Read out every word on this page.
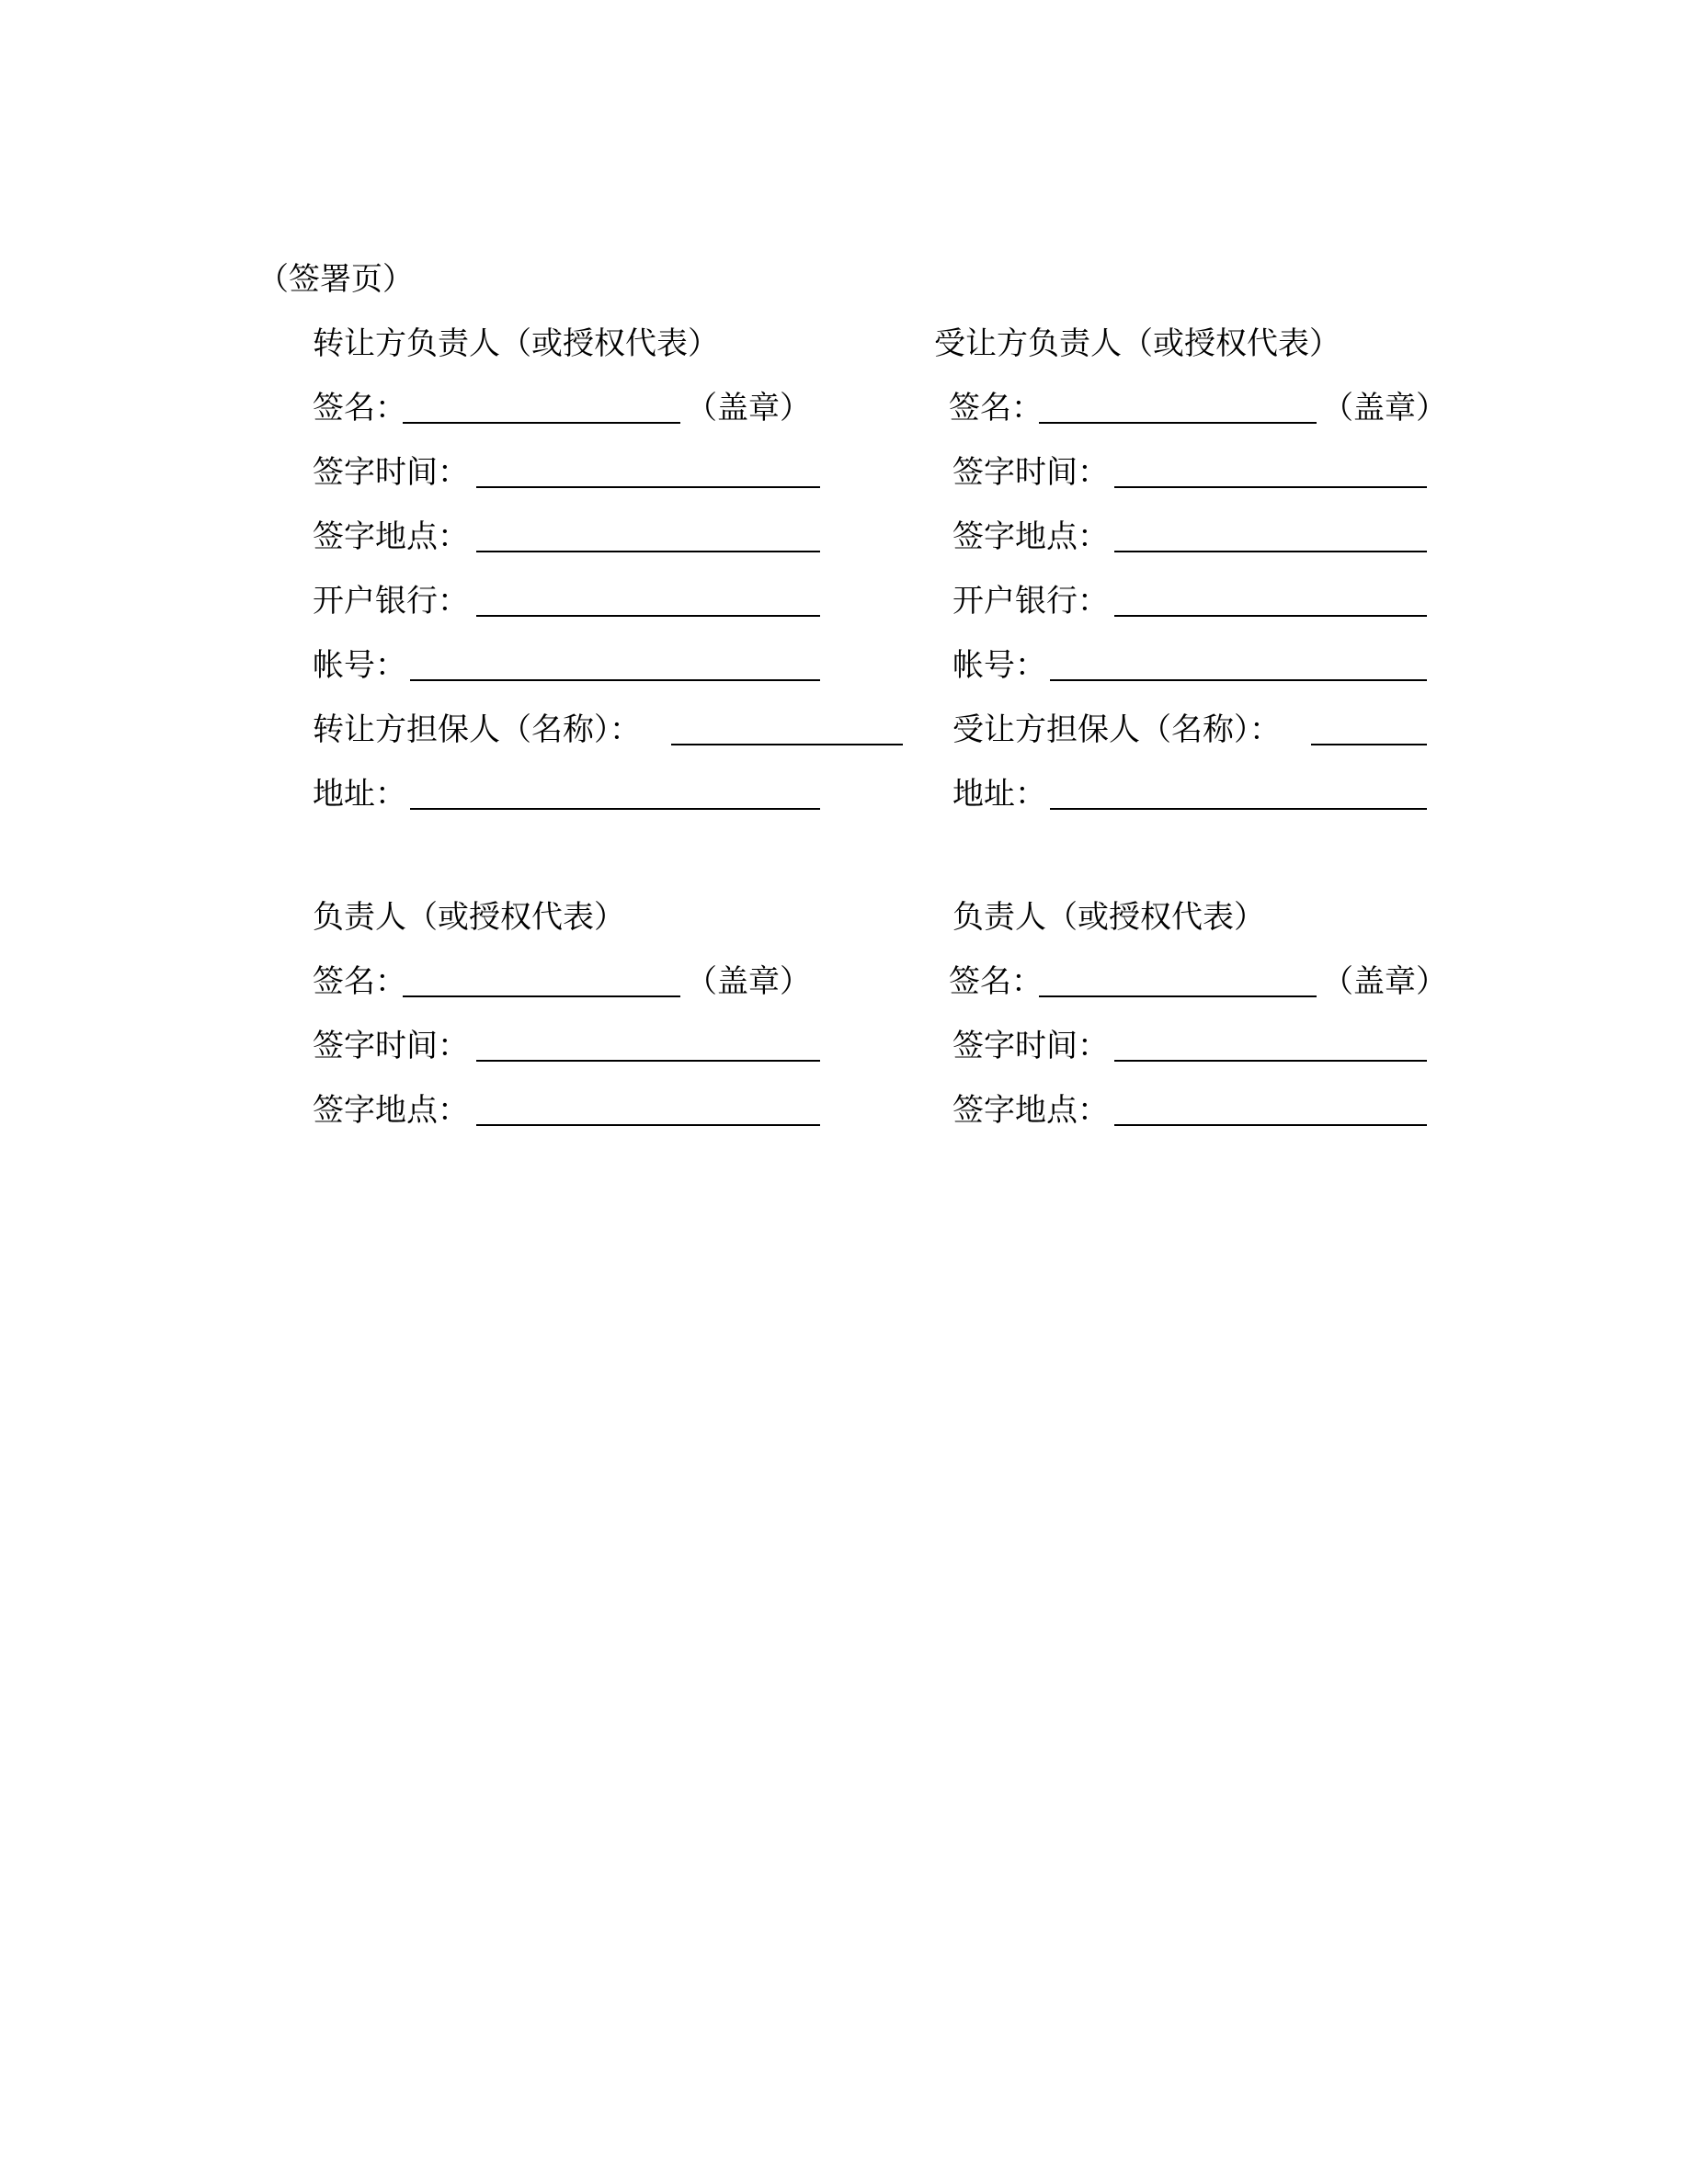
（签署页）
转让方负责人（或授权代表）
签名：	（盖章）
签字时间：
签字地点：
开户银行：
帐号：
转让方担保人（名称）：
地址：
受让方负责人（或授权代表）
签名：	（盖章）
签字时间：
签字地点：
开户银行：
帐号：
受让方担保人（名称）：
地址：
负责人（或授权代表）
签名：	（盖章）
签字时间：
签字地点：
负责人（或授权代表）
签名：	（盖章）
签字时间：
签字地点：
